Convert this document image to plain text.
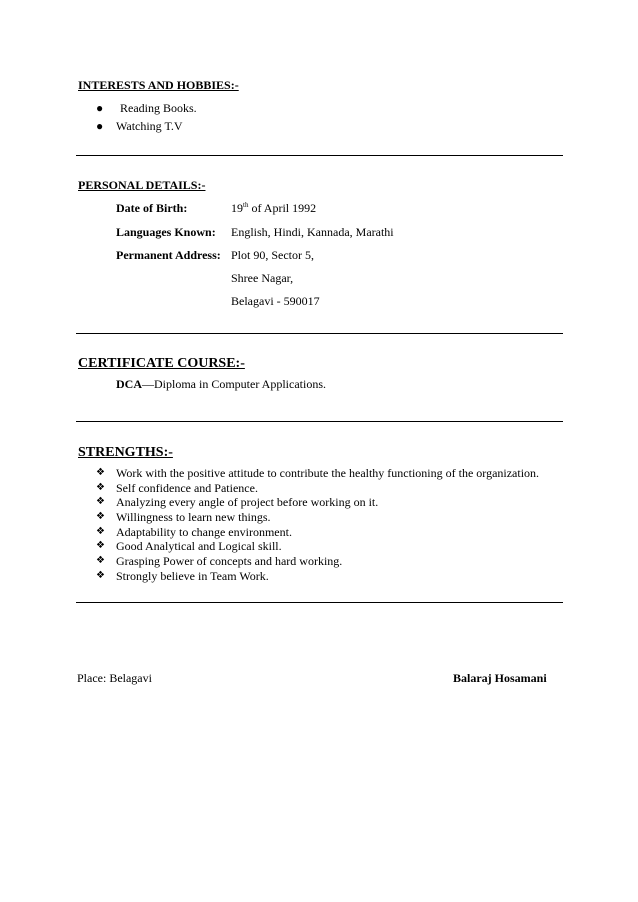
INTERESTS AND HOBBIES:-
● Reading Books.
● Watching T.V
PERSONAL DETAILS:-
Date of Birth:	19th of April 1992
Languages Known: English, Hindi, Kannada, Marathi
Permanent Address: Plot 90, Sector 5,
Shree Nagar,
Belagavi - 590017
CERTIFICATE COURSE:-
DCA—Diploma in Computer Applications.
STRENGTHS:-
❖ Work with the positive attitude to contribute the healthy functioning of the organization.
❖ Self confidence and Patience.
❖ Analyzing every angle of project before working on it.
❖ Willingness to learn new things.
❖ Adaptability to change environment.
❖ Good Analytical and Logical skill.
❖ Grasping Power of concepts and hard working.
❖ Strongly believe in Team Work.
Place: Belagavi	Balaraj Hosamani
